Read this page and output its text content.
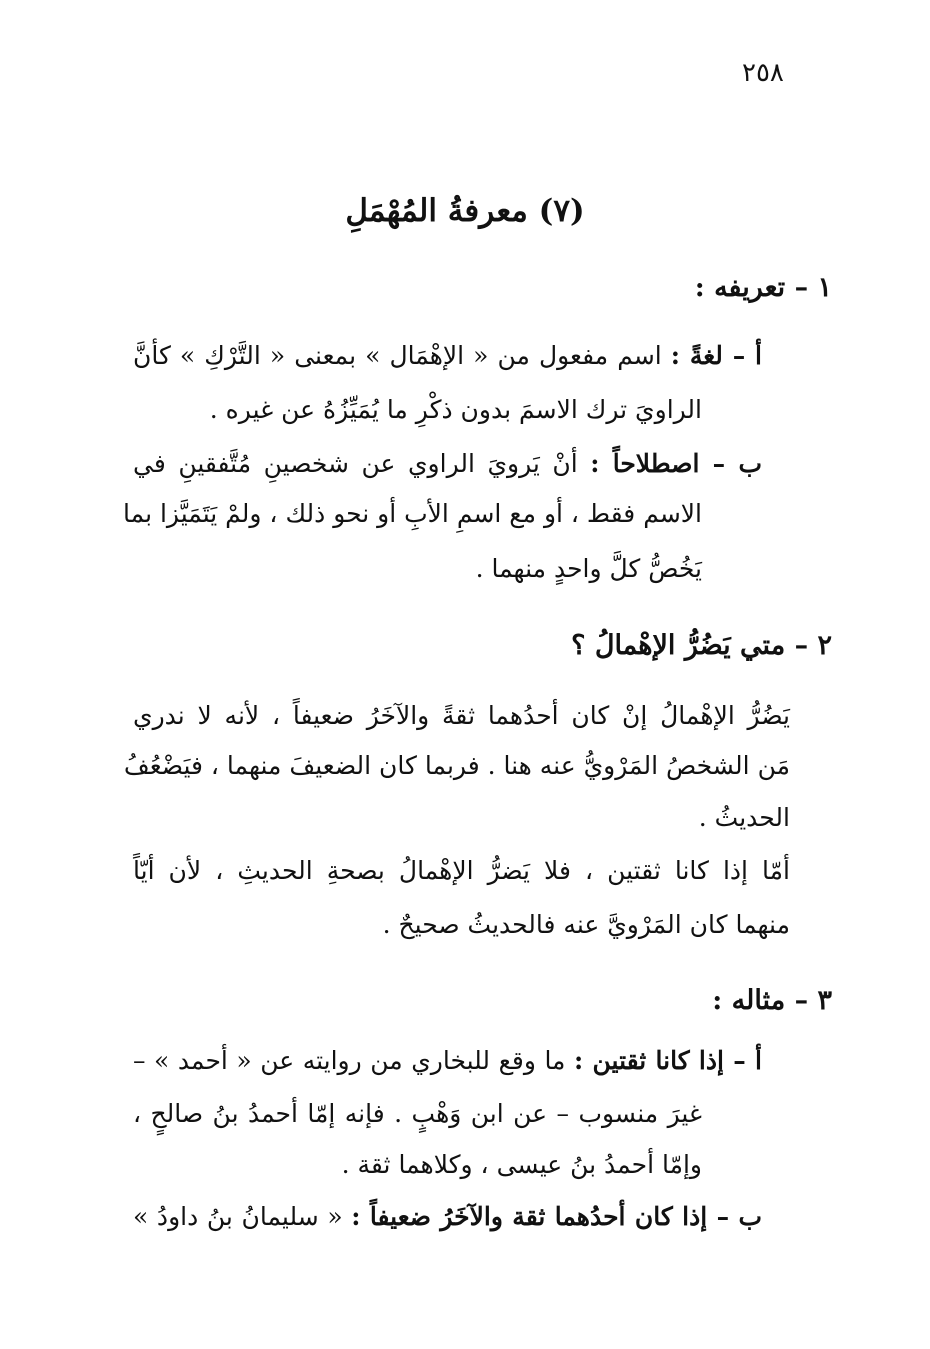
٢٥٨
(٧) معرفةُ المُهْمَلِ
١ – تعريفه :
أ – لغةً : اسم مفعول من « الإهْمَال » بمعنى « التَّرْكِ » كأنَّ
الراويَ ترك الاسمَ بدون ذكْرِ ما يُمَيِّزُهُ عن غيره .
ب – اصطلاحاً : أنْ يَرويَ الراوي عن شخصينِ مُتَّفقينِ في
الاسم فقط ، أو مع اسمِ الأبِ أو نحو ذلك ، ولمْ يَتَمَيَّزا بما
يَخُصُّ كلَّ واحدٍ منهما .
٢ – متي يَضُرُّ الإهْمالُ ؟
يَضُرُّ الإهْمالُ إنْ كان أحدُهما ثقةً والآخَرُ ضعيفاً ، لأنه لا ندري
مَن الشخصُ المَرْويُّ عنه هنا . فربما كان الضعيفَ منهما ، فيَضْعُفُ
الحديثُ .
أمّا إذا كانا ثقتين ، فلا يَضرُّ الإهْمالُ بصحةِ الحديثِ ، لأن أيّاً
منهما كان المَرْويَّ عنه فالحديثُ صحيحٌ .
٣ – مثاله :
أ – إذا كانا ثقتين : ما وقع للبخاري من روايته عن « أحمد » –
غيرَ منسوب – عن ابن وَهْبٍ . فإنه إمّا أحمدُ بنُ صالحٍ ،
وإمّا أحمدُ بنُ عيسى ، وكلاهما ثقة .
ب – إذا كان أحدُهما ثقة والآخَرُ ضعيفاً : « سليمانُ بنُ داودُ »
